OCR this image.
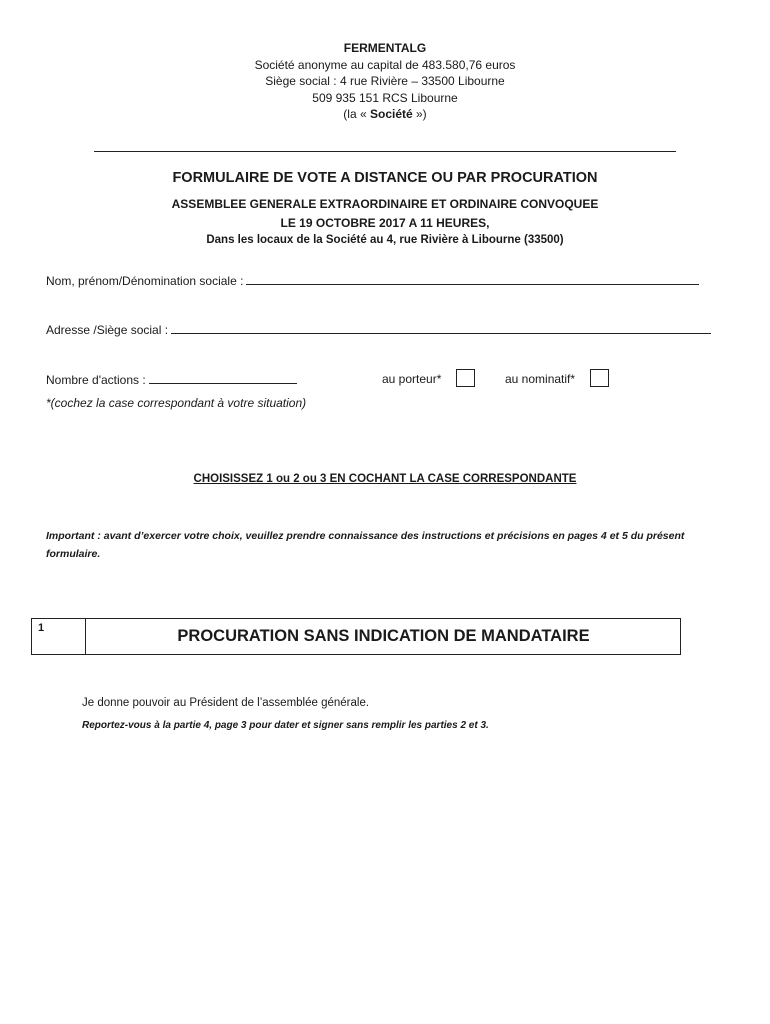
FERMENTALG
Société anonyme au capital de 483.580,76 euros
Siège social : 4 rue Rivière – 33500 Libourne
509 935 151 RCS Libourne
(la « Société »)
FORMULAIRE DE VOTE A DISTANCE OU PAR PROCURATION
ASSEMBLEE GENERALE EXTRAORDINAIRE ET ORDINAIRE CONVOQUEE
LE 19 OCTOBRE 2017 A 11 HEURES,
Dans les locaux de la Société au 4, rue Rivière à Libourne (33500)
Nom, prénom/Dénomination sociale :
Adresse /Siège social :
Nombre d'actions :	au porteur*	au nominatif*
*(cochez la case correspondant à votre situation)
CHOISISSEZ 1 ou 2 ou 3 EN COCHANT LA CASE CORRESPONDANTE
Important : avant d’exercer votre choix, veuillez prendre connaissance des instructions et précisions en pages 4 et 5 du présent formulaire.
1	PROCURATION SANS INDICATION DE MANDATAIRE
Je donne pouvoir au Président de l’assemblée générale.
Reportez-vous à la partie 4, page 3 pour dater et signer sans remplir les parties 2 et 3.
